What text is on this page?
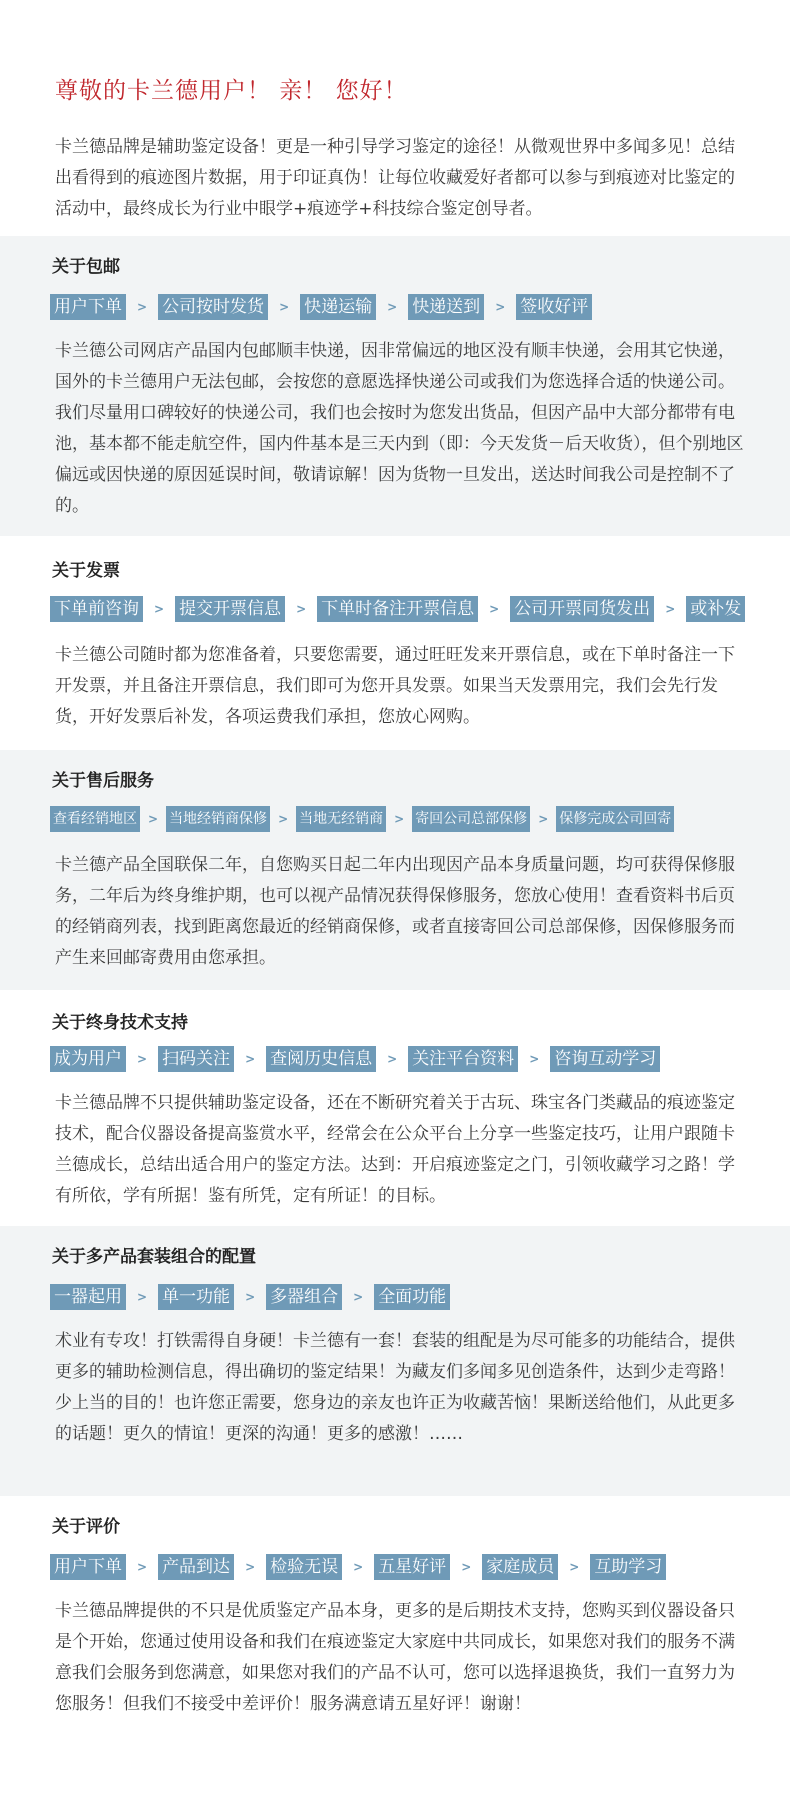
尊敬的卡兰德用户！ 亲！ 您好！
卡兰德品牌是辅助鉴定设备！更是一种引导学习鉴定的途径！从微观世界中多闻多见！总结出看得到的痕迹图片数据，用于印证真伪！让每位收藏爱好者都可以参与到痕迹对比鉴定的活动中，最终成长为行业中眼学+痕迹学+科技综合鉴定创导者。
关于包邮
用户下单	> 公司按时发货	> 快递运输	> 快递送到	> 签收好评
卡兰德公司网店产品国内包邮顺丰快递，因非常偏远的地区没有顺丰快递，会用其它快递，国外的卡兰德用户无法包邮，会按您的意愿选择快递公司或我们为您选择合适的快递公司。我们尽量用口碑较好的快递公司，我们也会按时为您发出货品，但因产品中大部分都带有电池，基本都不能走航空件，国内件基本是三天内到（即：今天发货－后天收货），但个别地区偏远或因快递的原因延误时间，敬请谅解！因为货物一旦发出，送达时间我公司是控制不了的。
关于发票
下单前咨询	> 提交开票信息	> 下单时备注开票信息	> 公司开票同货发出	> 或补发
卡兰德公司随时都为您准备着，只要您需要，通过旺旺发来开票信息，或在下单时备注一下开发票，并且备注开票信息，我们即可为您开具发票。如果当天发票用完，我们会先行发货，开好发票后补发，各项运费我们承担，您放心网购。
关于售后服务
查看经销地区 > 当地经销商保修 > 当地无经销商 > 寄回公司总部保修 > 保修完成公司回寄
卡兰德产品全国联保二年，自您购买日起二年内出现因产品本身质量问题，均可获得保修服务，二年后为终身维护期，也可以视产品情况获得保修服务，您放心使用！查看资料书后页的经销商列表，找到距离您最近的经销商保修，或者直接寄回公司总部保修，因保修服务而产生来回邮寄费用由您承担。
关于终身技术支持
成为用户	> 扫码关注	> 查阅历史信息	> 关注平台资料	> 咨询互动学习
卡兰德品牌不只提供辅助鉴定设备，还在不断研究着关于古玩、珠宝各门类藏品的痕迹鉴定技术，配合仪器设备提高鉴赏水平，经常会在公众平台上分享一些鉴定技巧，让用户跟随卡兰德成长，总结出适合用户的鉴定方法。达到：开启痕迹鉴定之门，引领收藏学习之路！学有所依，学有所据！鉴有所凭，定有所证！的目标。
关于多产品套装组合的配置
一器起用	> 单一功能	> 多器组合	> 全面功能
术业有专攻！打铁需得自身硬！卡兰德有一套！套装的组配是为尽可能多的功能结合，提供更多的辅助检测信息，得出确切的鉴定结果！为藏友们多闻多见创造条件，达到少走弯路！少上当的目的！也许您正需要，您身边的亲友也许正为收藏苦恼！果断送给他们，从此更多的话题！更久的情谊！更深的沟通！更多的感激！……
关于评价
用户下单	> 产品到达	> 检验无误	> 五星好评	> 家庭成员	> 互助学习
卡兰德品牌提供的不只是优质鉴定产品本身，更多的是后期技术支持，您购买到仪器设备只是个开始，您通过使用设备和我们在痕迹鉴定大家庭中共同成长，如果您对我们的服务不满意我们会服务到您满意，如果您对我们的产品不认可，您可以选择退换货，我们一直努力为您服务！但我们不接受中差评价！服务满意请五星好评！谢谢！
